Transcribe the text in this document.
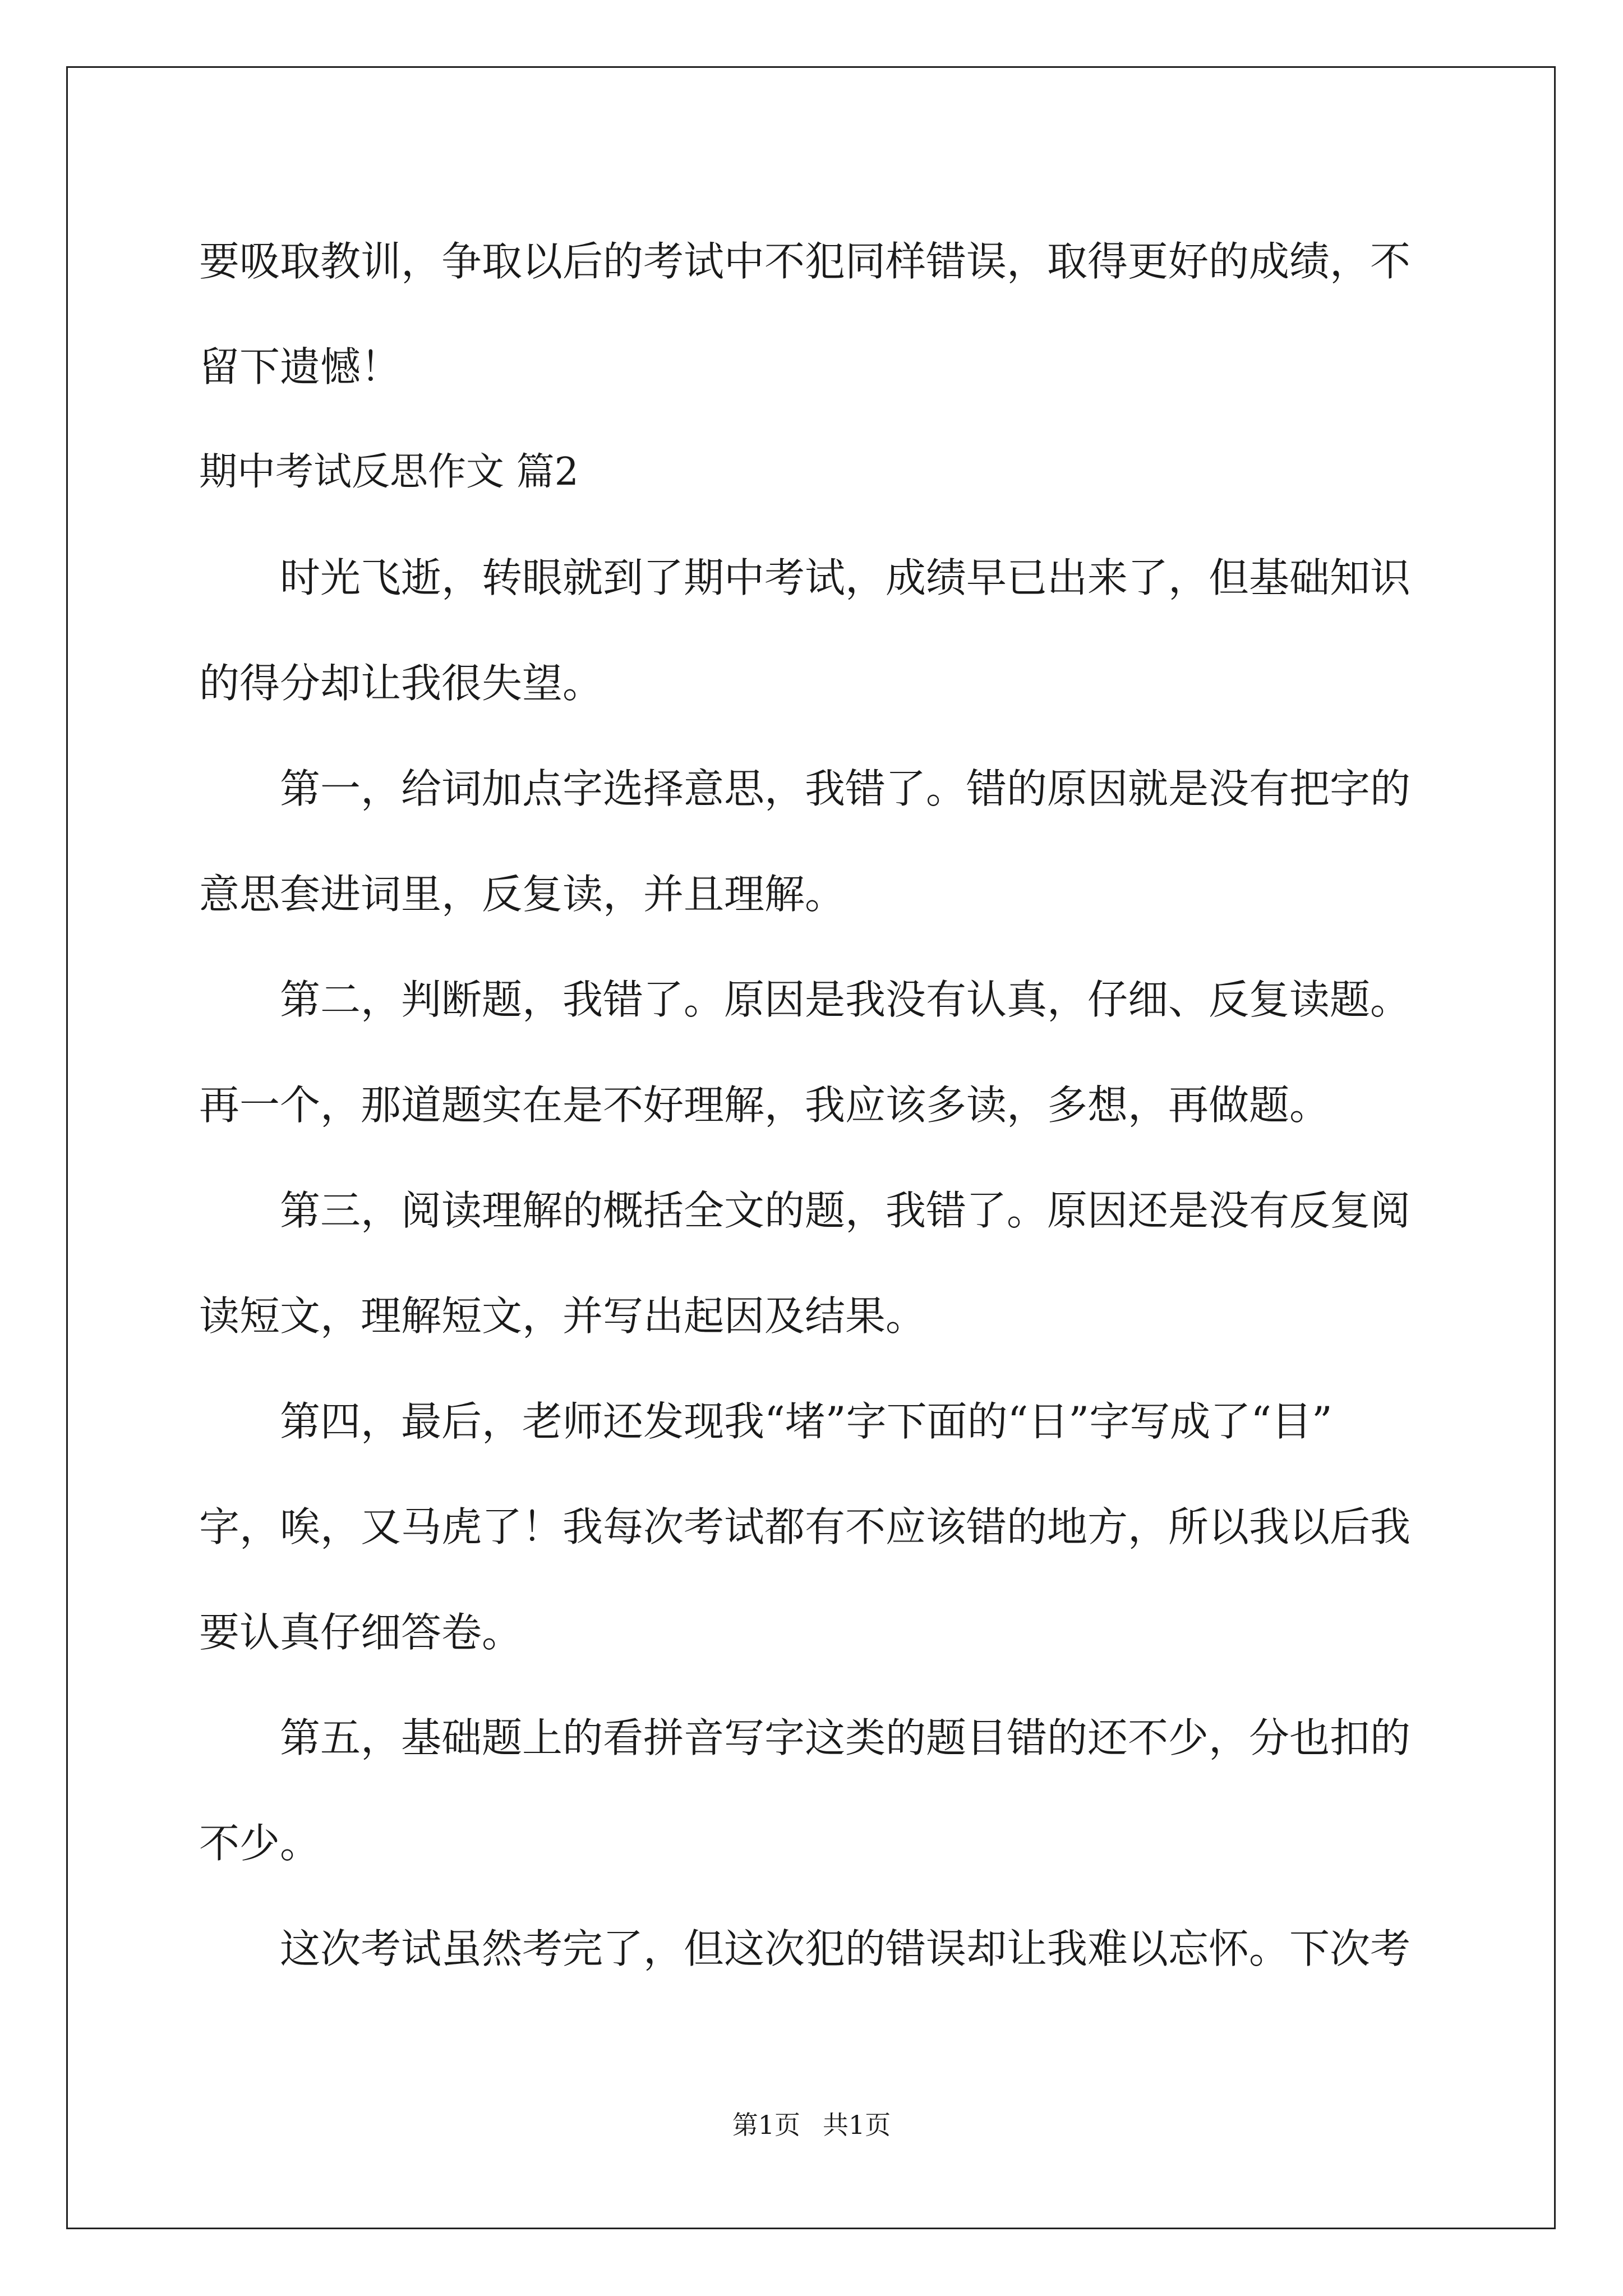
要吸取教训，争取以后的考试中不犯同样错误，取得更好的成绩，不
留下遗憾！
期中考试反思作文 篇2
时光飞逝，转眼就到了期中考试，成绩早已出来了，但基础知识
的得分却让我很失望。
第一，给词加点字选择意思，我错了。错的原因就是没有把字的
意思套进词里，反复读，并且理解。
第二，判断题，我错了。原因是我没有认真，仔细、反复读题。
再一个，那道题实在是不好理解，我应该多读，多想，再做题。
第三，阅读理解的概括全文的题，我错了。原因还是没有反复阅
读短文，理解短文，并写出起因及结果。
第四，最后，老师还发现我“堵”字下面的“日”字写成了“目”
字，唉，又马虎了！我每次考试都有不应该错的地方，所以我以后我
要认真仔细答卷。
第五，基础题上的看拼音写字这类的题目错的还不少，分也扣的
不少。
这次考试虽然考完了，但这次犯的错误却让我难以忘怀。下次考
第1页 共1页
